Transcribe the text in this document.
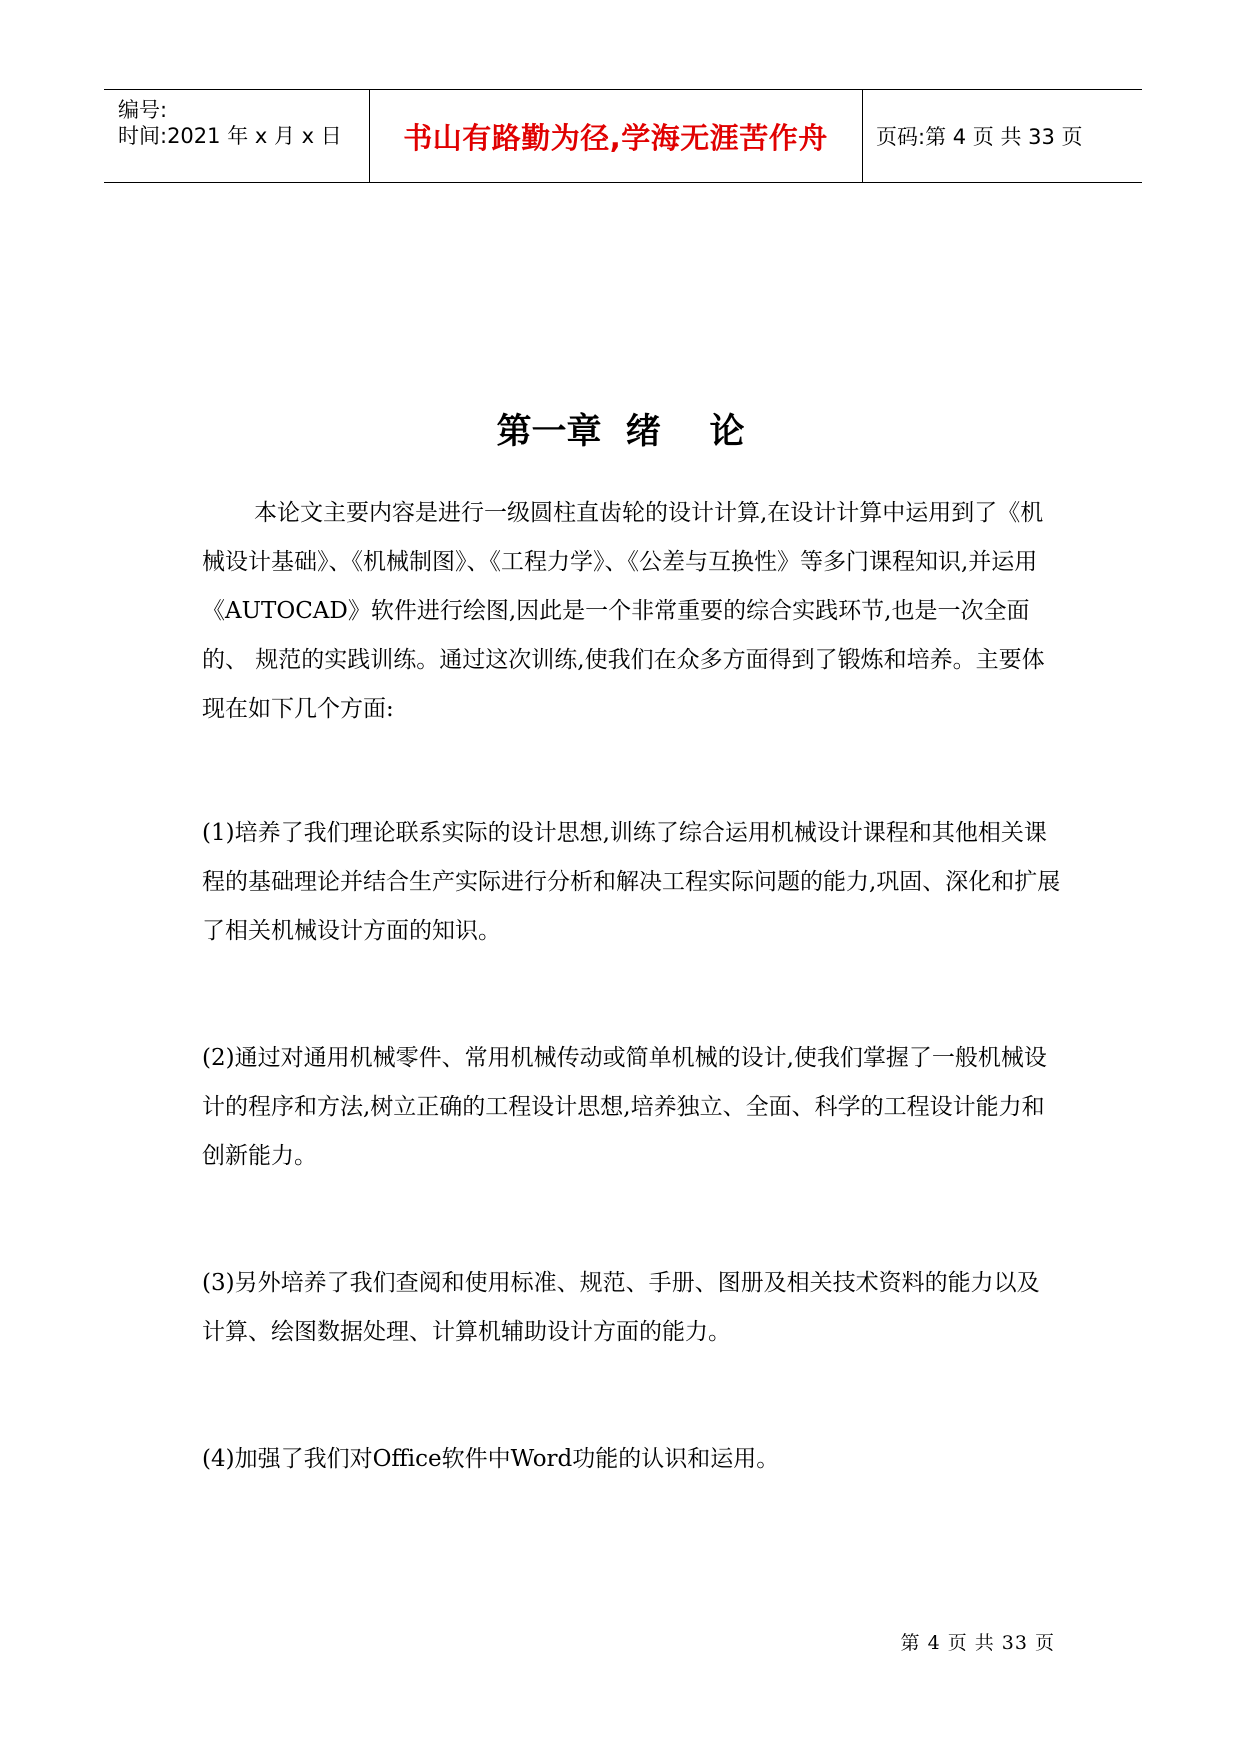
编号:
时间:2021 年 x 月 x 日 书山有路勤为径,学海无涯苦作舟	页码:第 4 页 共 33 页
第一章  绪    论

本论文主要内容是进行一级圆柱直齿轮的设计计算,在设计计算中运用到了《机械设计基础》、《机械制图》、《工程力学》、《公差与互换性》等多门课程知识,并运用《AUTOCAD》软件进行绘图,因此是一个非常重要的综合实践环节,也是一次全面的、 规范的实践训练。通过这次训练,使我们在众多方面得到了锻炼和培养。主要体现在如下几个方面:

(1)培养了我们理论联系实际的设计思想,训练了综合运用机械设计课程和其他相关课程的基础理论并结合生产实际进行分析和解决工程实际问题的能力,巩固、深化和扩展了相关机械设计方面的知识。

(2)通过对通用机械零件、常用机械传动或简单机械的设计,使我们掌握了一般机械设计的程序和方法,树立正确的工程设计思想,培养独立、全面、科学的工程设计能力和创新能力。

(3)另外培养了我们查阅和使用标准、规范、手册、图册及相关技术资料的能力以及计算、绘图数据处理、计算机辅助设计方面的能力。

(4)加强了我们对Office软件中Word功能的认识和运用。

第 4 页 共 33 页
